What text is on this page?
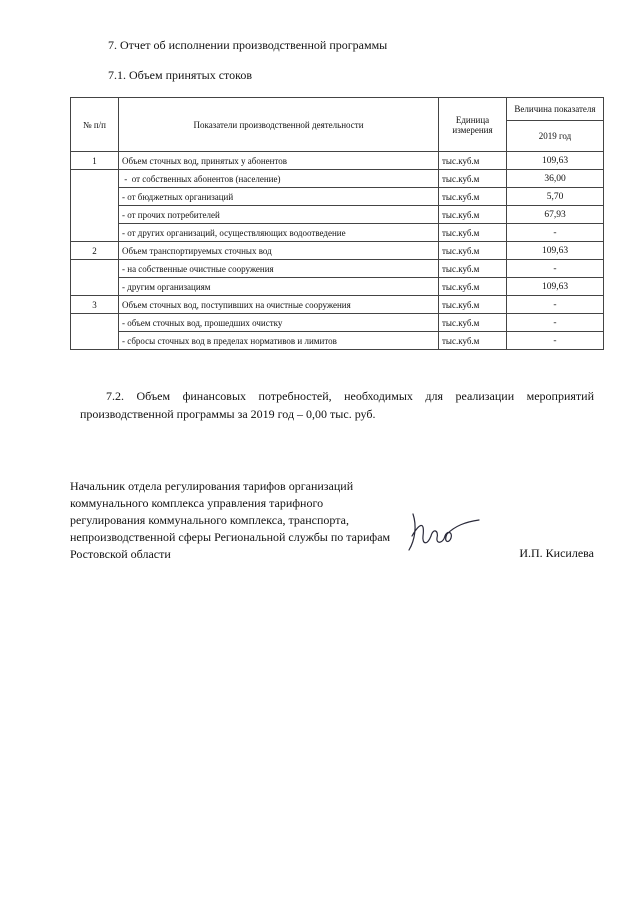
7. Отчет об исполнении производственной программы
7.1. Объем принятых стоков
№ п/п	Показатели производственной деятельности	Единица измерения	Величина показателя
			2019 год
1	Объем сточных вод, принятых у абонентов	тыс.куб.м	109,63
	-  от собственных абонентов (население)	тыс.куб.м	36,00
	- от бюджетных организаций	тыс.куб.м	5,70
	- от прочих потребителей	тыс.куб.м	67,93
	- от других организаций, осуществляющих водоотведение	тыс.куб.м	-
2	Объем транспортируемых сточных вод	тыс.куб.м	109,63
	- на собственные очистные сооружения	тыс.куб.м	-
	- другим организациям	тыс.куб.м	109,63
3	Объем сточных вод, поступивших на очистные сооружения	тыс.куб.м	-
	- объем сточных вод, прошедших очистку	тыс.куб.м	-
	- сбросы сточных вод в пределах нормативов и лимитов	тыс.куб.м	-
7.2. Объем финансовых потребностей, необходимых для реализации мероприятий производственной программы за 2019 год – 0,00 тыс. руб.
Начальник отдела регулирования тарифов организаций коммунального комплекса управления тарифного регулирования коммунального комплекса, транспорта, непроизводственной сферы Региональной службы по тарифам Ростовской области	И.П. Кисилева
